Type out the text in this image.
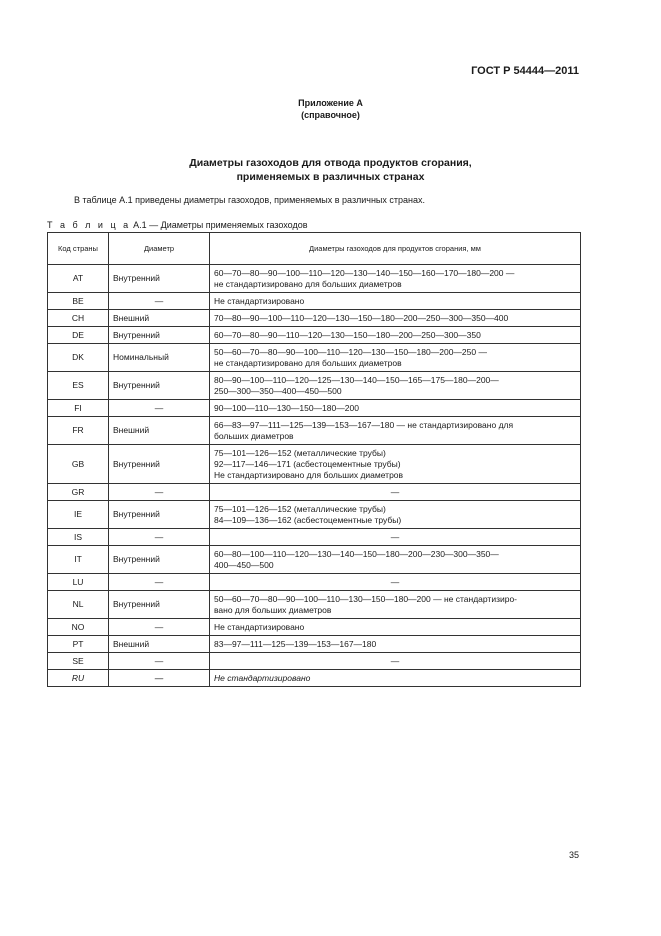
ГОСТ Р 54444—2011
Приложение А
(справочное)
Диаметры газоходов для отвода продуктов сгорания,
применяемых в различных странах
В таблице А.1 приведены диаметры газоходов, применяемых в различных странах.
Т а б л и ц а А.1 — Диаметры применяемых газоходов
Код страны	Диаметр	Диаметры газоходов для продуктов сгорания, мм
AT	Внутренний	60—70—80—90—100—110—120—130—140—150—160—170—180—200 —
не стандартизировано для больших диаметров

BE	—	Не стандартизировано

CH	Внешний	70—80—90—100—110—120—130—150—180—200—250—300—350—400

DE	Внутренний	60—70—80—90—110—120—130—150—180—200—250—300—350

DK	Номинальный	50—60—70—80—90—100—110—120—130—150—180—200—250 —
не стандартизировано для больших диаметров

ES	Внутренний	80—90—100—110—120—125—130—140—150—165—175—180—200—
250—300—350—400—450—500

FI	—	90—100—110—130—150—180—200

FR	Внешний	66—83—97—111—125—139—153—167—180 — не стандартизировано для
больших диаметров

GB	Внутренний	75—101—126—152 (металлические трубы)
92—117—146—171 (асбестоцементные трубы)
Не стандартизировано для больших диаметров

GR	—	—

IE	Внутренний	75—101—126—152 (металлические трубы)
84—109—136—162 (асбестоцементные трубы)

IS	—	—

IT	Внутренний	60—80—100—110—120—130—140—150—180—200—230—300—350—
400—450—500

LU	—	—

NL	Внутренний	50—60—70—80—90—100—110—130—150—180—200 — не стандартизиро-
вано для больших диаметров

NO	—	Не стандартизировано

PT	Внешний	83—97—111—125—139—153—167—180

SE	—	—

RU	—	Не стандартизировано
35
